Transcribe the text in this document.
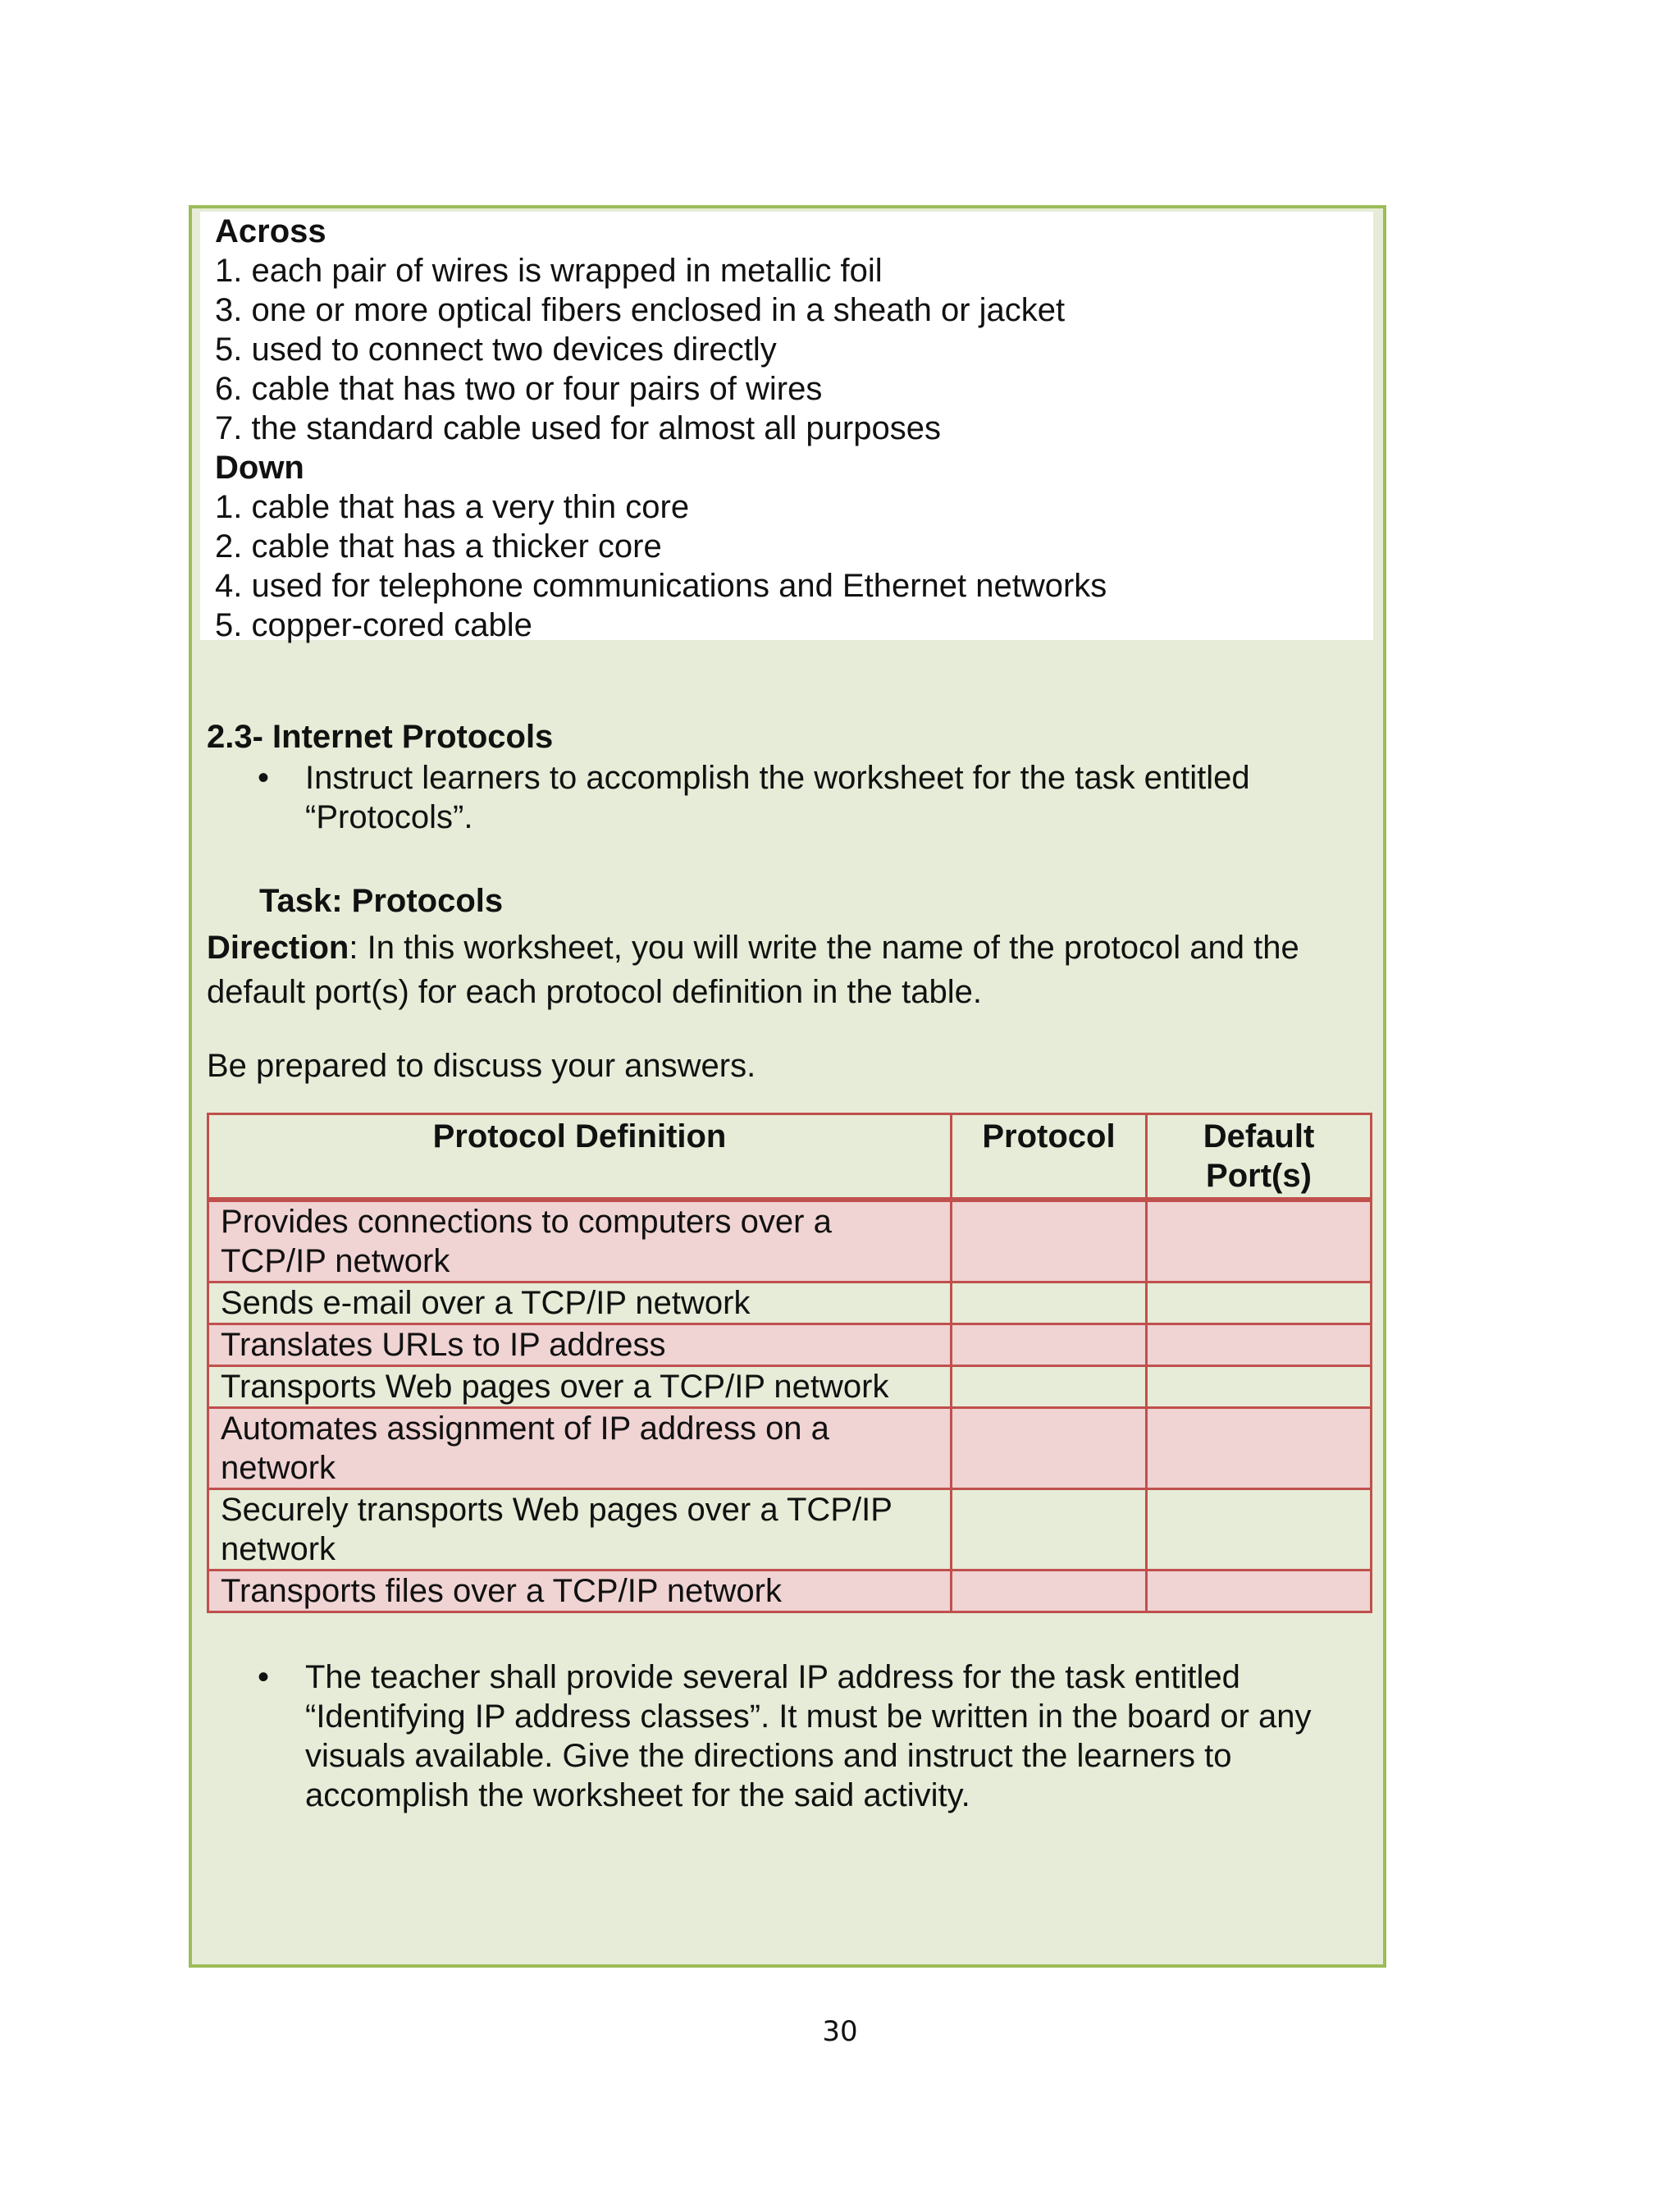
Across
1. each pair of wires is wrapped in metallic foil
3. one or more optical fibers enclosed in a sheath or jacket
5. used to connect two devices directly
6. cable that has two or four pairs of wires
7. the standard cable used for almost all purposes
Down
1. cable that has a very thin core
2. cable that has a thicker core
4. used for telephone communications and Ethernet networks
5. copper-cored cable
2.3- Internet Protocols
•	Instruct learners to accomplish the worksheet for the task entitled
“Protocols”.
Task: Protocols
Direction: In this worksheet, you will write the name of the protocol and the
default port(s) for each protocol definition in the table.
Be prepared to discuss your answers.
Protocol Definition	Protocol	Default Port(s)
Provides connections to computers over a TCP/IP network		
Sends e-mail over a TCP/IP network		
Translates URLs to IP address		
Transports Web pages over a TCP/IP network		
Automates assignment of IP address on a network		
Securely transports Web pages over a TCP/IP network		
Transports files over a TCP/IP network		
•	The teacher shall provide several IP address for the task entitled
“Identifying IP address classes”. It must be written in the board or any
visuals available. Give the directions and instruct the learners to
accomplish the worksheet for the said activity.
30
